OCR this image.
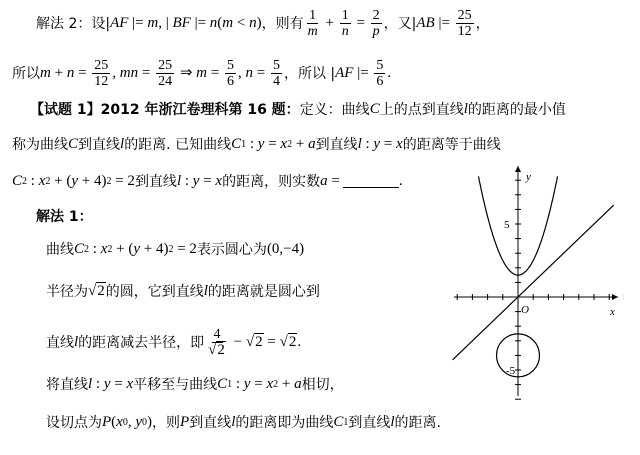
解法 2：设| AF |= m , | BF |= n ( m < n ) ，则有 $\frac{1}{m} + \frac{1}{n} = \frac{2}{p}$ ，又| AB |= $\frac{25}{12}$ ，
所以 $m + n = \frac{25}{12}$ , mn = $\frac{25}{24}$ ⇒ $m = \frac{5}{6}$ , $n = \frac{5}{4}$ ，所以 | AF |= $\frac{5}{6}$ .
【试题 1】2012 年浙江卷理科第 16 题： 定义：曲线 C 上的点到直线 l 的距离的最小值
称为曲线 C 到直线 l 的距离. 已知曲线 C 1 : y = x 2 + a 到直线 l : y = x 的距离等于曲线
C 2 : x 2 + ( y + 4) 2 = 2 到直线 l : y = x 的距离，则实数 a =	.
解法 1：
曲线 C 2 : x 2 + ( y + 4) 2 = 2 表示圆心为 (0,−4)
半径为 √2 的圆，它到直线 l 的距离就是圆心到
直线 l 的距离减去半径，即 $\frac{4}{√2} - √2 = √2$ .
将直线 l : y = x 平移至与曲线 C 1 : y = x 2 + a 相切，
设切点为 P ( x 0 , y 0 ) ，则 P 到直线 l 的距离即为曲线 C 1 到直线 l 的距离.
y
x
O
5
-5
